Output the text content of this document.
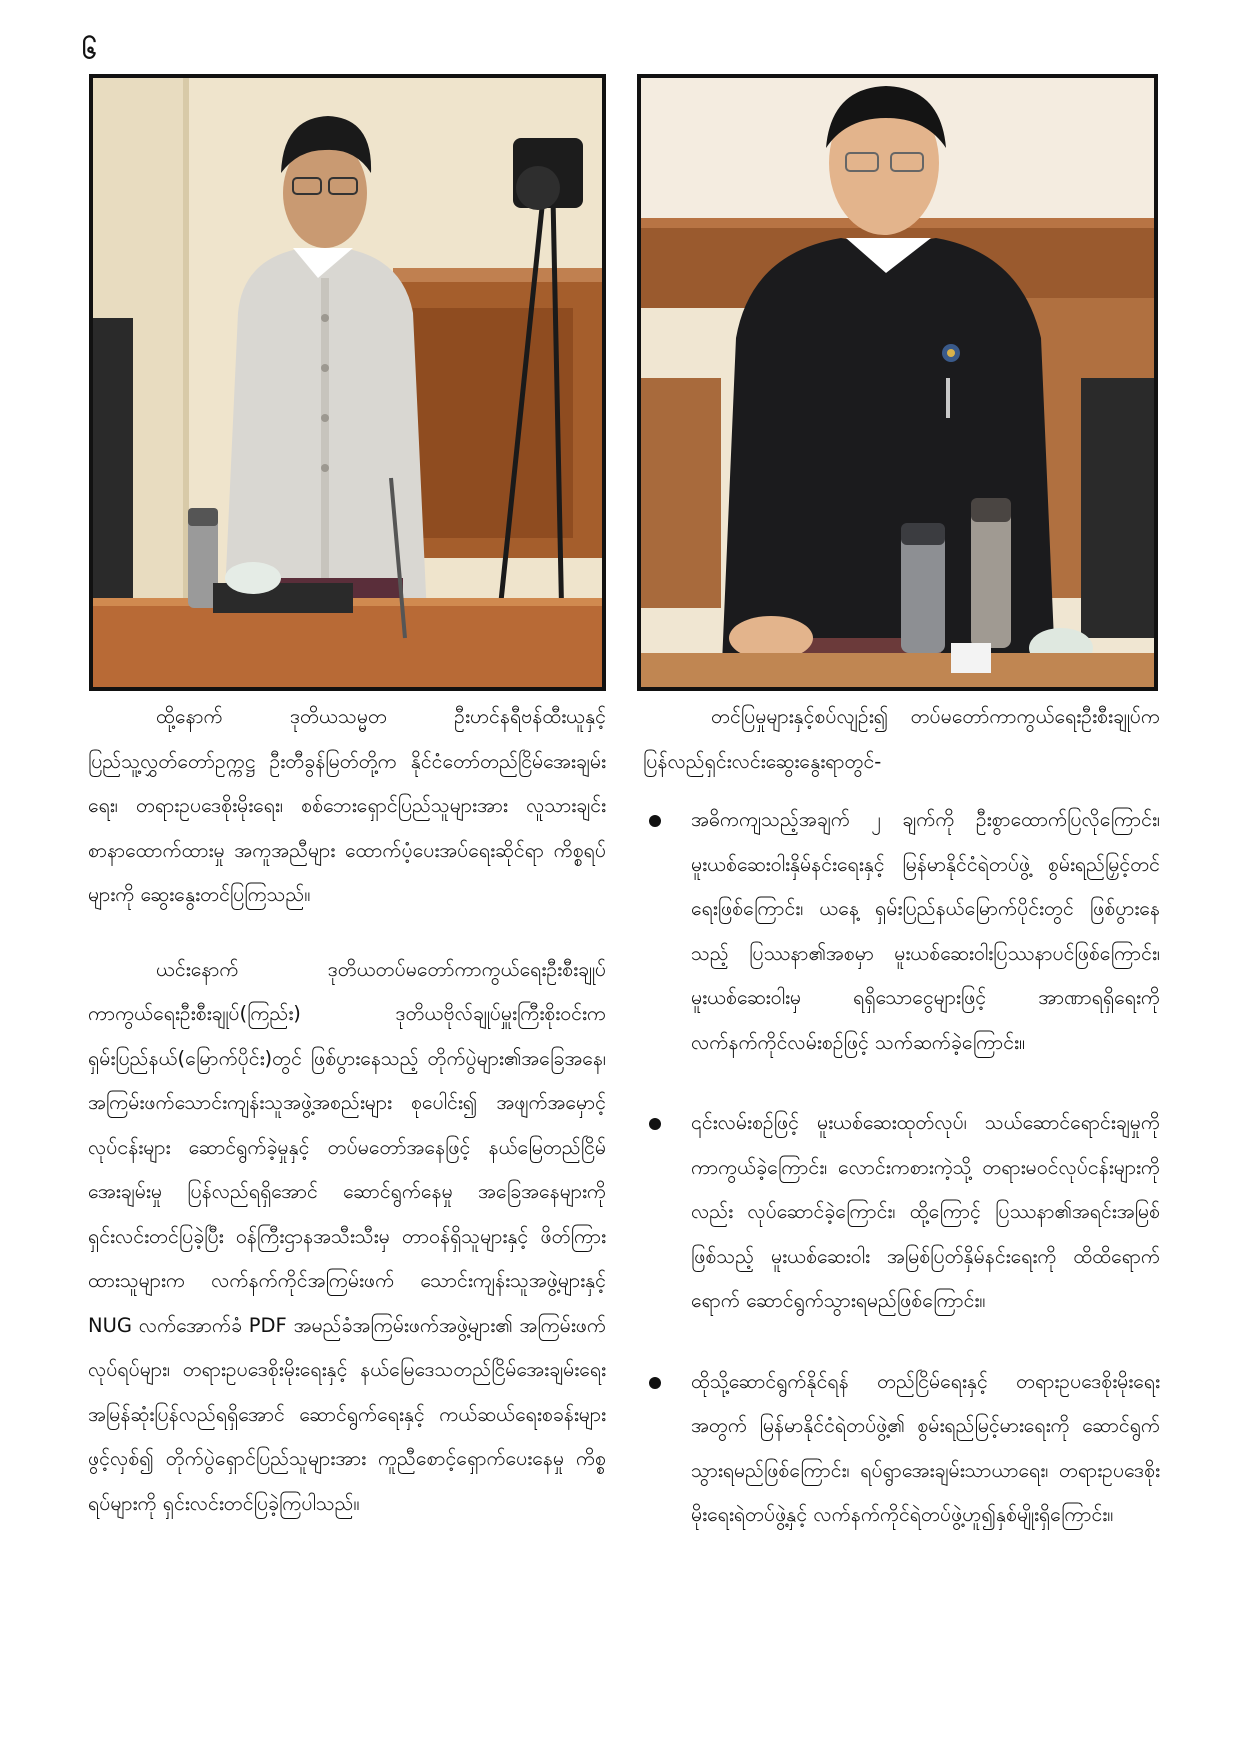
၆

ထို့နောက် ဒုတိယသမ္မတ ဦးဟင်နရီဗန်ထီးယူနှင့် ပြည်သူ့လွှတ်တော်ဥက္ကဋ္ဌ ဦးတီခွန်မြတ်တို့က နိုင်ငံတော်တည်ငြိမ်အေးချမ်းရေး၊ တရားဥပဒေစိုးမိုးရေး၊ စစ်ဘေးရှောင်ပြည်သူများအား လူသားချင်းစာနာထောက်ထားမှု အကူအညီများ ထောက်ပံ့ပေးအပ်ရေးဆိုင်ရာ ကိစ္စရပ်များကို ဆွေးနွေးတင်ပြကြသည်။

ယင်းနောက် ဒုတိယတပ်မတော်ကာကွယ်ရေးဦးစီးချုပ် ကာကွယ်ရေးဦးစီးချုပ်(ကြည်း) ဒုတိယဗိုလ်ချုပ်မှူးကြီးစိုးဝင်းက ရှမ်းပြည်နယ်(မြောက်ပိုင်း)တွင် ဖြစ်ပွားနေသည့် တိုက်ပွဲများ၏အခြေအနေ၊ အကြမ်းဖက်သောင်းကျန်းသူအဖွဲ့အစည်းများ စုပေါင်း၍ အဖျက်အမှောင့်လုပ်ငန်းများ ဆောင်ရွက်ခဲ့မှုနှင့် တပ်မတော်အနေဖြင့် နယ်မြေတည်ငြိမ်အေးချမ်းမှု ပြန်လည်ရရှိအောင် ဆောင်ရွက်နေမှု အခြေအနေများကို ရှင်းလင်းတင်ပြခဲ့ပြီး ဝန်ကြီးဌာနအသီးသီးမှ တာဝန်ရှိသူများနှင့် ဖိတ်ကြားထားသူများက လက်နက်ကိုင်အကြမ်းဖက် သောင်းကျန်းသူအဖွဲ့များနှင့် NUG လက်အောက်ခံ PDF အမည်ခံအကြမ်းဖက်အဖွဲ့များ၏ အကြမ်းဖက်လုပ်ရပ်များ၊ တရားဥပဒေစိုးမိုးရေးနှင့် နယ်မြေဒေသတည်ငြိမ်အေးချမ်းရေး အမြန်ဆုံးပြန်လည်ရရှိအောင် ဆောင်ရွက်ရေးနှင့် ကယ်ဆယ်ရေးစခန်းများဖွင့်လှစ်၍ တိုက်ပွဲရှောင်ပြည်သူများအား ကူညီစောင့်ရှောက်ပေးနေမှု ကိစ္စရပ်များကို ရှင်းလင်းတင်ပြခဲ့ကြပါသည်။

တင်ပြမှုများနှင့်စပ်လျဉ်း၍ တပ်မတော်ကာကွယ်ရေးဦးစီးချုပ်က ပြန်လည်ရှင်းလင်းဆွေးနွေးရာတွင်-

အဓိကကျသည့်အချက် ၂ ချက်ကို ဦးစွာထောက်ပြလိုကြောင်း၊ မူးယစ်ဆေးဝါးနှိမ်နင်းရေးနှင့် မြန်မာနိုင်ငံရဲတပ်ဖွဲ့ စွမ်းရည်မြှင့်တင်ရေးဖြစ်ကြောင်း၊ ယနေ့ ရှမ်းပြည်နယ်မြောက်ပိုင်းတွင် ဖြစ်ပွားနေသည့် ပြဿနာ၏အစမှာ မူးယစ်ဆေးဝါးပြဿနာပင်ဖြစ်ကြောင်း၊ မူးယစ်ဆေးဝါးမှ ရရှိသောငွေများဖြင့် အာဏာရရှိရေးကို လက်နက်ကိုင်လမ်းစဉ်ဖြင့် သက်ဆက်ခဲ့ကြောင်း။
၎င်းလမ်းစဉ်ဖြင့် မူးယစ်ဆေးထုတ်လုပ်၊ သယ်ဆောင်ရောင်းချမှုကို ကာကွယ်ခဲ့ကြောင်း၊ လောင်းကစားကဲ့သို့ တရားမဝင်လုပ်ငန်းများကိုလည်း လုပ်ဆောင်ခဲ့ကြောင်း၊ ထို့ကြောင့် ပြဿနာ၏အရင်းအမြစ်ဖြစ်သည့် မူးယစ်ဆေးဝါး အမြစ်ပြတ်နှိမ်နင်းရေးကို ထိထိရောက်ရောက် ဆောင်ရွက်သွားရမည်ဖြစ်ကြောင်း။
ထိုသို့ဆောင်ရွက်နိုင်ရန် တည်ငြိမ်ရေးနှင့် တရားဥပဒေစိုးမိုးရေးအတွက် မြန်မာနိုင်ငံရဲတပ်ဖွဲ့၏ စွမ်းရည်မြင့်မားရေးကို ဆောင်ရွက်သွားရမည်ဖြစ်ကြောင်း၊ ရပ်ရွာအေးချမ်းသာယာရေး၊ တရားဥပဒေစိုးမိုးရေးရဲတပ်ဖွဲ့နှင့် လက်နက်ကိုင်ရဲတပ်ဖွဲ့ဟူ၍နှစ်မျိုးရှိကြောင်း။
